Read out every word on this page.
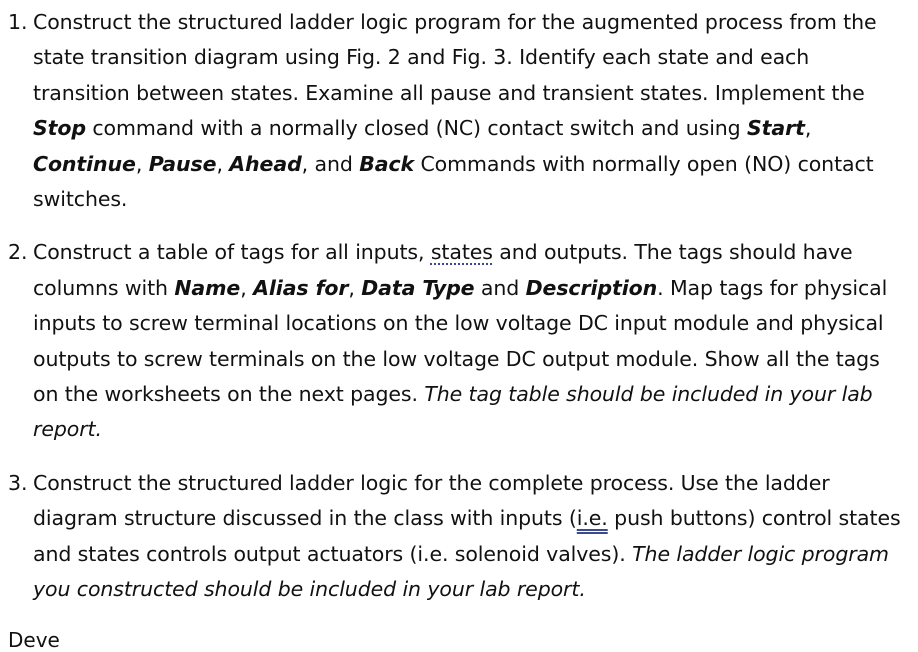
1. Construct the structured ladder logic program for the augmented process from the state transition diagram using Fig. 2 and Fig. 3. Identify each state and each transition between states. Examine all pause and transient states. Implement the Stop command with a normally closed (NC) contact switch and using Start, Continue, Pause, Ahead, and Back Commands with normally open (NO) contact switches.
2. Construct a table of tags for all inputs, states and outputs. The tags should have columns with Name, Alias for, Data Type and Description. Map tags for physical inputs to screw terminal locations on the low voltage DC input module and physical outputs to screw terminals on the low voltage DC output module. Show all the tags on the worksheets on the next pages. The tag table should be included in your lab report.
3. Construct the structured ladder logic for the complete process. Use the ladder diagram structure discussed in the class with inputs (i.e. push buttons) control states and states controls output actuators (i.e. solenoid valves). The ladder logic program you constructed should be included in your lab report.
Deve
